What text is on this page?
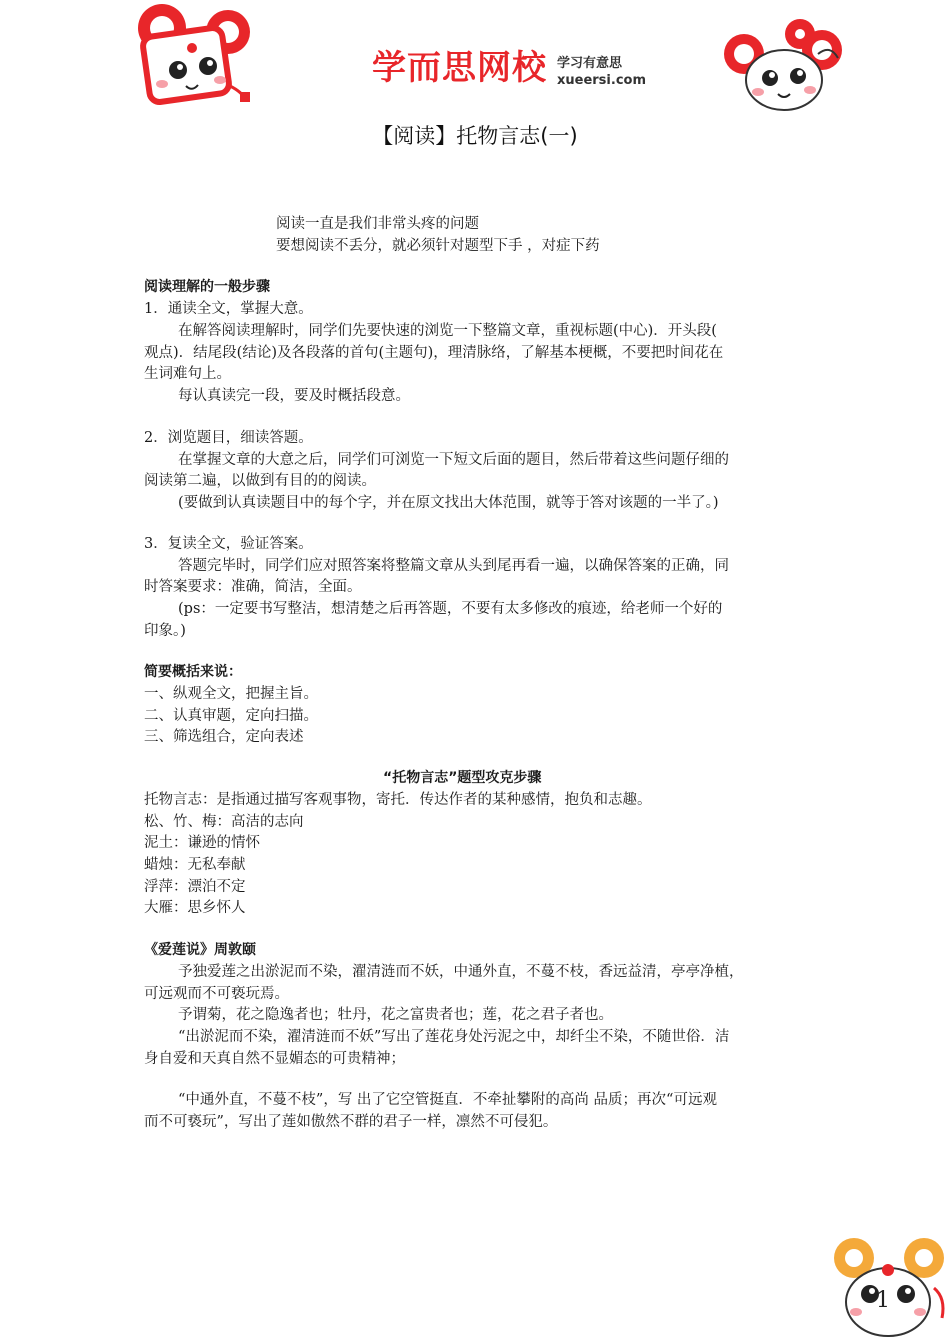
学而思网校 学习有意思
xueersi.com
【阅读】托物言志(一)
阅读一直是我们非常头疼的问题
要想阅读不丢分，就必须针对题型下手 ，对症下药
阅读理解的一般步骤
1．通读全文，掌握大意。
在解答阅读理解时，同学们先要快速的浏览一下整篇文章，重视标题(中心)．开头段(
观点)．结尾段(结论)及各段落的首句(主题句)，理清脉络，了解基本梗概，不要把时间花在
生词难句上。
每认真读完一段，要及时概括段意。
2．浏览题目，细读答题。
在掌握文章的大意之后，同学们可浏览一下短文后面的题目，然后带着这些问题仔细的
阅读第二遍，以做到有目的的阅读。
(要做到认真读题目中的每个字，并在原文找出大体范围，就等于答对该题的一半了。)
3．复读全文，验证答案。
答题完毕时，同学们应对照答案将整篇文章从头到尾再看一遍，以确保答案的正确，同
时答案要求：准确，简洁，全面。
(ps：一定要书写整洁，想清楚之后再答题，不要有太多修改的痕迹，给老师一个好的
印象。)
简要概括来说：
一、纵观全文，把握主旨。
二、认真审题，定向扫描。
三、筛选组合，定向表述
“托物言志”题型攻克步骤
托物言志：是指通过描写客观事物，寄托．传达作者的某种感情，抱负和志趣。
松、竹、梅：高洁的志向
泥土：谦逊的情怀
蜡烛：无私奉献
浮萍：漂泊不定
大雁：思乡怀人
《爱莲说》周敦颐
予独爱莲之出淤泥而不染，濯清涟而不妖，中通外直，不蔓不枝，香远益清，亭亭净植，
可远观而不可亵玩焉。
予谓菊，花之隐逸者也；牡丹，花之富贵者也；莲，花之君子者也。
“出淤泥而不染，濯清涟而不妖”写出了莲花身处污泥之中，却纤尘不染，不随世俗．洁
身自爱和天真自然不显媚态的可贵精神；
“中通外直，不蔓不枝”，写 出了它空管挺直．不牵扯攀附的高尚 品质；再次“可远观
而不可亵玩”，写出了莲如傲然不群的君子一样，凛然不可侵犯。
1
